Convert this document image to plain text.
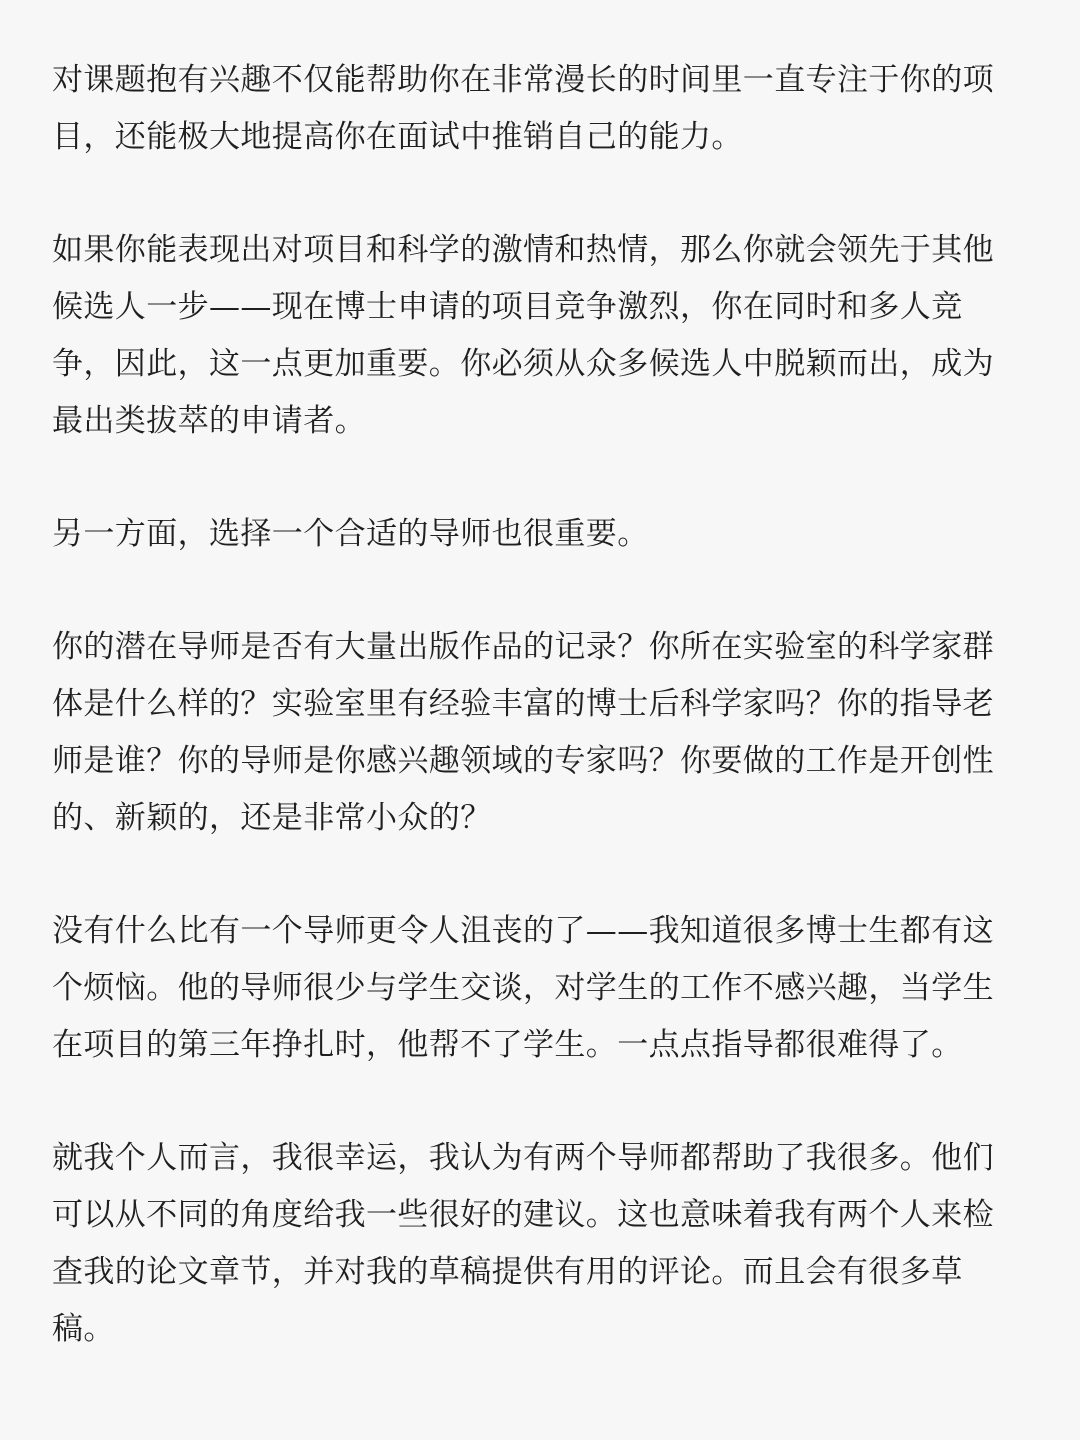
对课题抱有兴趣不仅能帮助你在非常漫长的时间里一直专注于你的项
目，还能极大地提高你在面试中推销自己的能力。

如果你能表现出对项目和科学的激情和热情，那么你就会领先于其他
候选人一步——现在博士申请的项目竞争激烈，你在同时和多人竞
争，因此，这一点更加重要。你必须从众多候选人中脱颖而出，成为
最出类拔萃的申请者。

另一方面，选择一个合适的导师也很重要。

你的潜在导师是否有大量出版作品的记录？你所在实验室的科学家群
体是什么样的？实验室里有经验丰富的博士后科学家吗？你的指导老
师是谁？你的导师是你感兴趣领域的专家吗？你要做的工作是开创性
的、新颖的，还是非常小众的？

没有什么比有一个导师更令人沮丧的了——我知道很多博士生都有这
个烦恼。他的导师很少与学生交谈，对学生的工作不感兴趣，当学生
在项目的第三年挣扎时，他帮不了学生。一点点指导都很难得了。

就我个人而言，我很幸运，我认为有两个导师都帮助了我很多。他们
可以从不同的角度给我一些很好的建议。这也意味着我有两个人来检
查我的论文章节，并对我的草稿提供有用的评论。而且会有很多草
稿。
